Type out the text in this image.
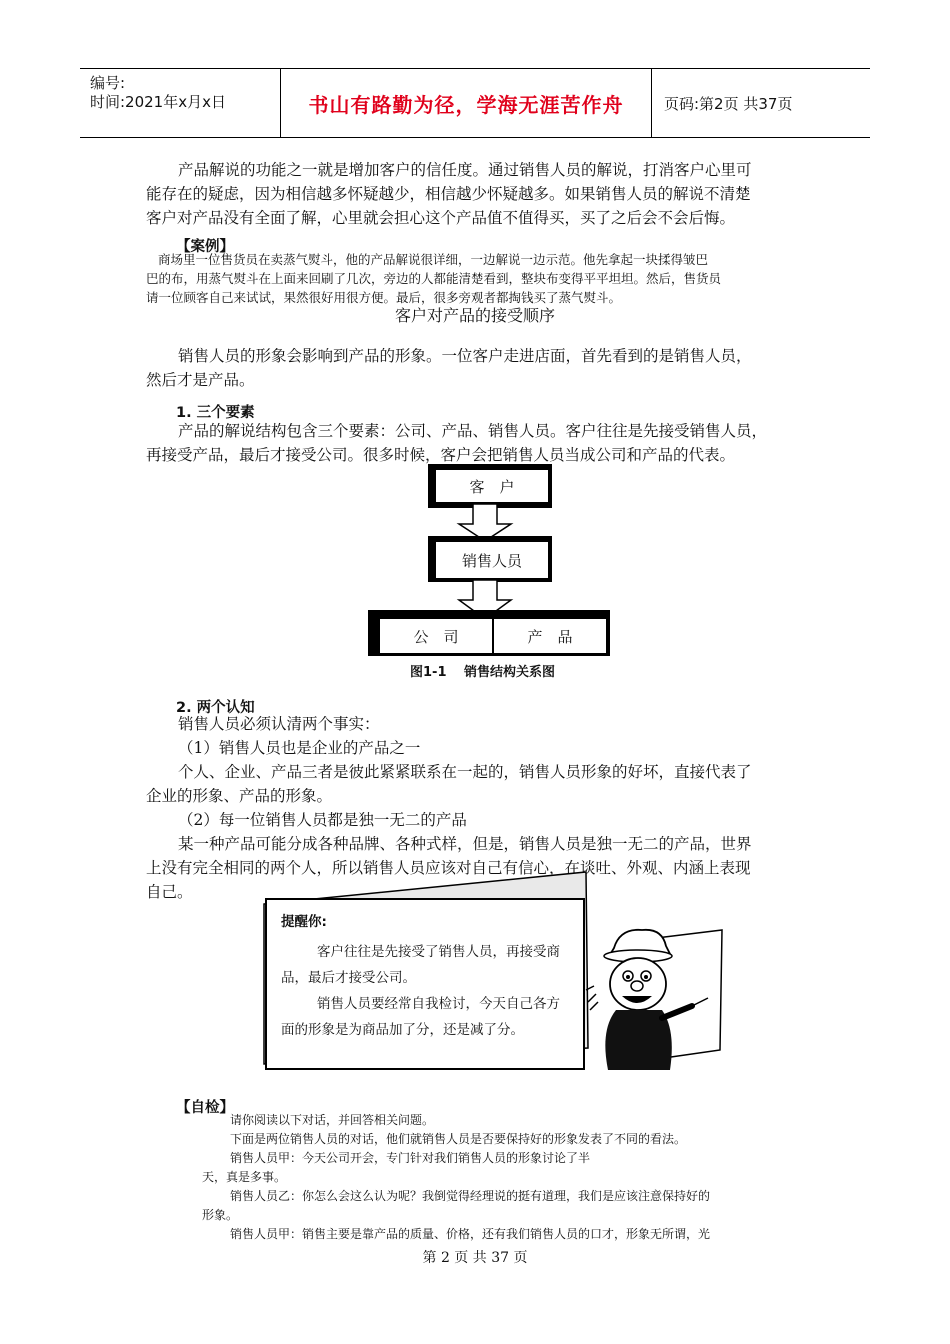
编号:
时间:2021年x月x日	书山有路勤为径，学海无涯苦作舟	页码:第2页 共37页
产品解说的功能之一就是增加客户的信任度。通过销售人员的解说，打消客户心里可
能存在的疑虑，因为相信越多怀疑越少，相信越少怀疑越多。如果销售人员的解说不清楚
客户对产品没有全面了解，心里就会担心这个产品值不值得买，买了之后会不会后悔。
【案例】
商场里一位售货员在卖蒸气熨斗，他的产品解说很详细，一边解说一边示范。他先拿起一块揉得皱巴
巴的布，用蒸气熨斗在上面来回刷了几次，旁边的人都能清楚看到，整块布变得平平坦坦。然后，售货员
请一位顾客自己来试试，果然很好用很方便。最后，很多旁观者都掏钱买了蒸气熨斗。
客户对产品的接受顺序
销售人员的形象会影响到产品的形象。一位客户走进店面，首先看到的是销售人员，
然后才是产品。
1. 三个要素
产品的解说结构包含三个要素：公司、产品、销售人员。客户往往是先接受销售人员，
再接受产品，最后才接受公司。很多时候，客户会把销售人员当成公司和产品的代表。
客　户
销售人员
公　司	产　品
图1-1　 销售结构关系图
2. 两个认知
销售人员必须认清两个事实：
（1）销售人员也是企业的产品之一
个人、企业、产品三者是彼此紧紧联系在一起的，销售人员形象的好坏，直接代表了
企业的形象、产品的形象。
（2）每一位销售人员都是独一无二的产品
某一种产品可能分成各种品牌、各种式样，但是，销售人员是独一无二的产品，世界
上没有完全相同的两个人，所以销售人员应该对自己有信心，在谈吐、外观、内涵上表现
自己。
提醒你:
客户往往是先接受了销售人员，再接受商
品，最后才接受公司。
销售人员要经常自我检讨，今天自己各方
面的形象是为商品加了分，还是减了分。
【自检】
请你阅读以下对话，并回答相关问题。
下面是两位销售人员的对话，他们就销售人员是否要保持好的形象发表了不同的看法。
销售人员甲：今天公司开会，专门针对我们销售人员的形象讨论了半
天，真是多事。
销售人员乙：你怎么会这么认为呢？我倒觉得经理说的挺有道理，我们是应该注意保持好的
形象。
销售人员甲：销售主要是靠产品的质量、价格，还有我们销售人员的口才，形象无所谓，光
第 2 页 共 37 页
